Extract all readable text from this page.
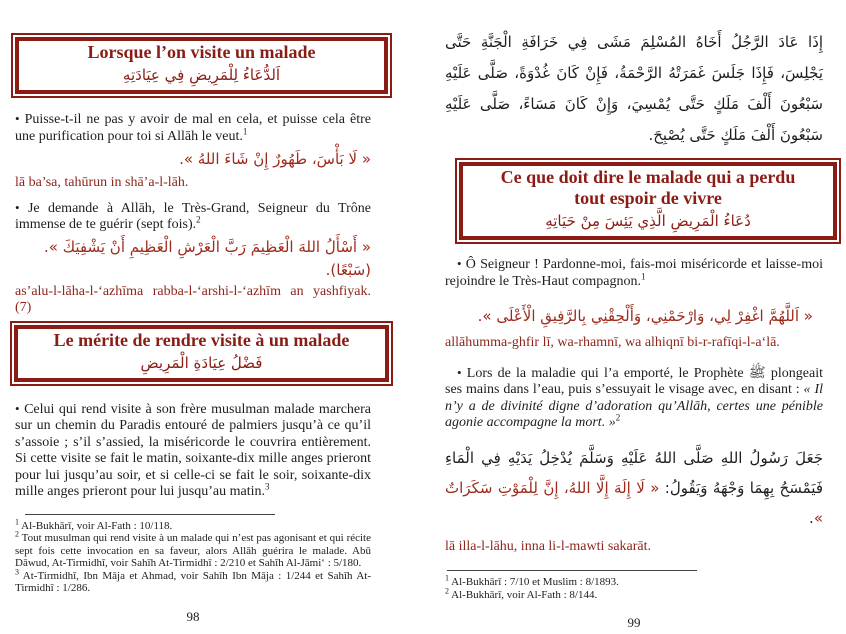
Lorsque l’on visite un malade
اَلدُّعَاءُ لِلْمَرِيضِ فِي عِيَادَتِهِ

• Puisse-t-il ne pas y avoir de mal en cela, et puisse cela être une purification pour toi si Allāh le veut.$^1$

« لَا بَأْسَ، طَهُورٌ إِنْ شَاءَ اللهُ ».
lā ba’sa, tahūrun in shā’a-l-lāh.

• Je demande à Allāh, le Très-Grand, Seigneur du Trône immense de te guérir (sept fois).$^2$

« أَسْأَلُ اللهَ الْعَظِيمَ رَبَّ الْعَرْشِ الْعَظِيمِ أَنْ يَشْفِيَكَ ». (سَبْعًا).
as’alu-l-lāha-l-‘azhīma rabba-l-‘arshi-l-‘azhīm an yashfiyak. (7)
Le mérite de rendre visite à un malade
فَضْلُ عِيَادَةِ الْمَرِيضِ

• Celui qui rend visite à son frère musulman malade marchera sur un chemin du Paradis entouré de palmiers jusqu’à ce qu’il s’assoie ; s’il s’assied, la miséricorde le couvrira entièrement. Si cette visite se fait le matin, soixante-dix mille anges prieront pour lui jusqu’au soir, et si celle-ci se fait le soir, soixante-dix mille anges prieront pour lui jusqu’au matin.$^3$

$^1$ Al-Bukhārī, voir Al-Fath : 10/118.

$^2$ Tout musulman qui rend visite à un malade qui n’est pas agonisant et qui récite sept fois cette invocation en sa faveur, alors Allāh guérira le malade. Abū Dāwud, At-Tirmidhī, voir Sahīh At-Tirmidhī : 2/210 et Sahīh Al-Jāmi‘ : 5/180.

$^3$ At-Tirmidhī, Ibn Māja et Ahmad, voir Sahīh Ibn Māja : 1/244 et Sahīh At-Tirmidhī : 1/286.

98
إِذَا عَادَ الرَّجُلُ أَخَاهُ المُسْلِمَ مَشَى فِي خَرَافَةِ الْجَنَّةِ حَتَّى يَجْلِسَ، فَإِذَا جَلَسَ غَمَرَتْهُ الرَّحْمَةُ، فَإِنْ كَانَ غُدْوَةً، صَلَّى عَلَيْهِ سَبْعُونَ أَلْفَ مَلَكٍ حَتَّى يُمْسِيَ، وَإِنْ كَانَ مَسَاءً، صَلَّى عَلَيْهِ سَبْعُونَ أَلْفَ مَلَكٍ حَتَّى يُصْبِحَ.
Ce que doit dire le malade qui a perdu
tout espoir de vivre
دُعَاءُ الْمَرِيضِ الَّذِي يَئِسَ مِنْ حَيَاتِهِ

• Ô Seigneur ! Pardonne-moi, fais-moi miséricorde et laisse-moi rejoindre le Très-Haut compagnon.$^1$

« اَللَّهُمَّ اغْفِرْ لِي، وَارْحَمْنِي، وَأَلْحِقْنِي بِالرَّفِيقِ الْأَعْلَى ».
allāhumma-ghfir lī, wa-rhamnī, wa alhiqnī bi-r-rafīqi-l-a‘lā.

• Lors de la maladie qui l’a emporté, le Prophète ﷺ plongeait ses mains dans l’eau, puis s’essuyait le visage avec, en disant : « Il n’y a de divinité digne d’adoration qu’Allāh, certes une pénible agonie accompagne la mort. »$^2$

جَعَلَ رَسُولُ اللهِ صَلَّى اللهُ عَلَيْهِ وَسَلَّمَ يُدْخِلُ يَدَيْهِ فِي الْمَاءِ فَيَمْسَحُ بِهِمَا وَجْهَهُ وَيَقُولُ: « لَا إِلَهَ إِلَّا اللهُ، إِنَّ لِلْمَوْتِ سَكَرَاتٌ ».
lā illa-l-lāhu, inna li-l-mawti sakarāt.

$^1$ Al-Bukhārī : 7/10 et Muslim : 8/1893.

$^2$ Al-Bukhārī, voir Al-Fath : 8/144.

99
